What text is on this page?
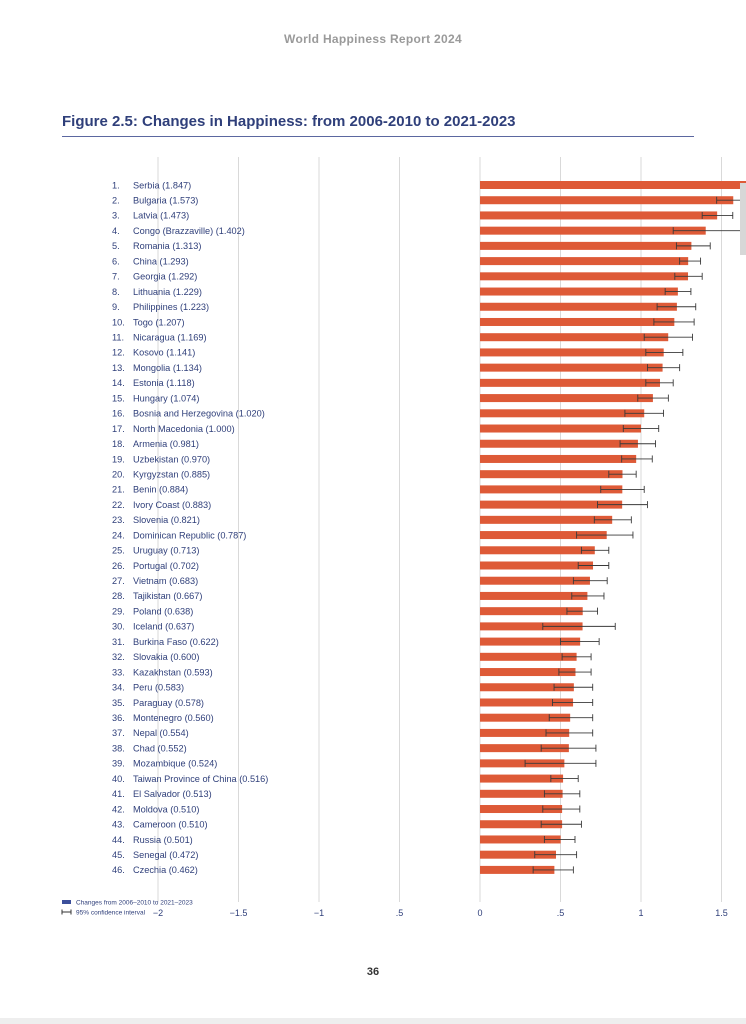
World Happiness Report 2024
Figure 2.5: Changes in Happiness: from 2006-2010 to 2021-2023
−2	−1.5	−1	.5	0	.5	1	1.5
1. Serbia (1.847)
2. Bulgaria (1.573)
3. Latvia (1.473)
4. Congo (Brazzaville) (1.402)
5. Romania (1.313)
6. China (1.293)
7. Georgia (1.292)
8. Lithuania (1.229)
9. Philippines (1.223)
10. Togo (1.207)
11. Nicaragua (1.169)
12. Kosovo (1.141)
13. Mongolia (1.134)
14. Estonia (1.118)
15. Hungary (1.074)
16. Bosnia and Herzegovina (1.020)
17. North Macedonia (1.000)
18. Armenia (0.981)
19. Uzbekistan (0.970)
20. Kyrgyzstan (0.885)
21. Benin (0.884)
22. Ivory Coast (0.883)
23. Slovenia (0.821)
24. Dominican Republic (0.787)
25. Uruguay (0.713)
26. Portugal (0.702)
27. Vietnam (0.683)
28. Tajikistan (0.667)
29. Poland (0.638)
30. Iceland (0.637)
31. Burkina Faso (0.622)
32. Slovakia (0.600)
33. Kazakhstan (0.593)
34. Peru (0.583)
35. Paraguay (0.578)
36. Montenegro (0.560)
37. Nepal (0.554)
38. Chad (0.552)
39. Mozambique (0.524)
40. Taiwan Province of China (0.516)
41. El Salvador (0.513)
42. Moldova (0.510)
43. Cameroon (0.510)
44. Russia (0.501)
45. Senegal (0.472)
46. Czechia (0.462)
Changes from 2006–2010 to 2021–2023
95% confidence interval
36
